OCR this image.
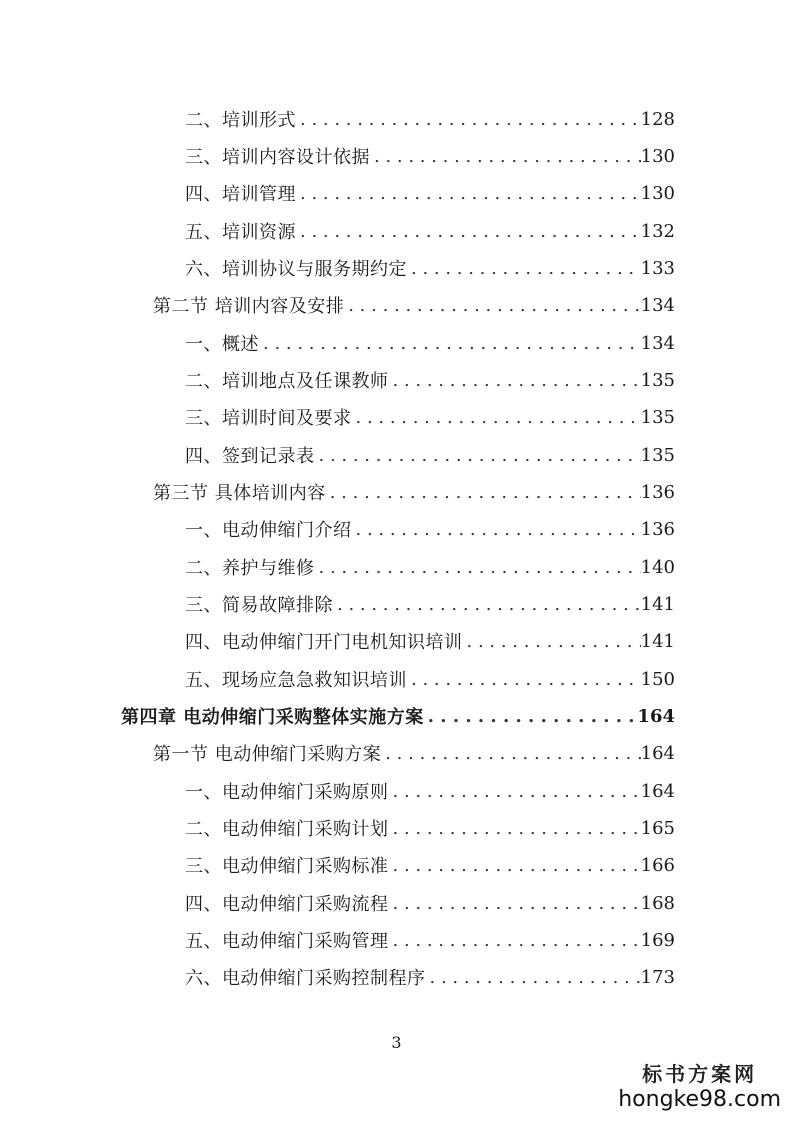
二、培训形式 . . .	128
三、培训内容设计依据 . . .	130
四、培训管理 . . .	130
五、培训资源 . . .	132
六、培训协议与服务期约定 . . .	133
第二节 培训内容及安排 . . .	134
一、概述 . . .	134
二、培训地点及任课教师 . . .	135
三、培训时间及要求 . . .	135
四、签到记录表 . . .	135
第三节 具体培训内容 . . .	136
一、电动伸缩门介绍 . . .	136
二、养护与维修 . . .	140
三、简易故障排除 . . .	141
四、电动伸缩门开门电机知识培训 . . .	141
五、现场应急急救知识培训 . . .	150
第四章 电动伸缩门采购整体实施方案 . . .	164
第一节 电动伸缩门采购方案 . . .	164
一、电动伸缩门采购原则 . . .	164
二、电动伸缩门采购计划 . . .	165
三、电动伸缩门采购标准 . . .	166
四、电动伸缩门采购流程 . . .	168
五、电动伸缩门采购管理 . . .	169
六、电动伸缩门采购控制程序 . . .	173
3
标书方案网
hongke98.com
